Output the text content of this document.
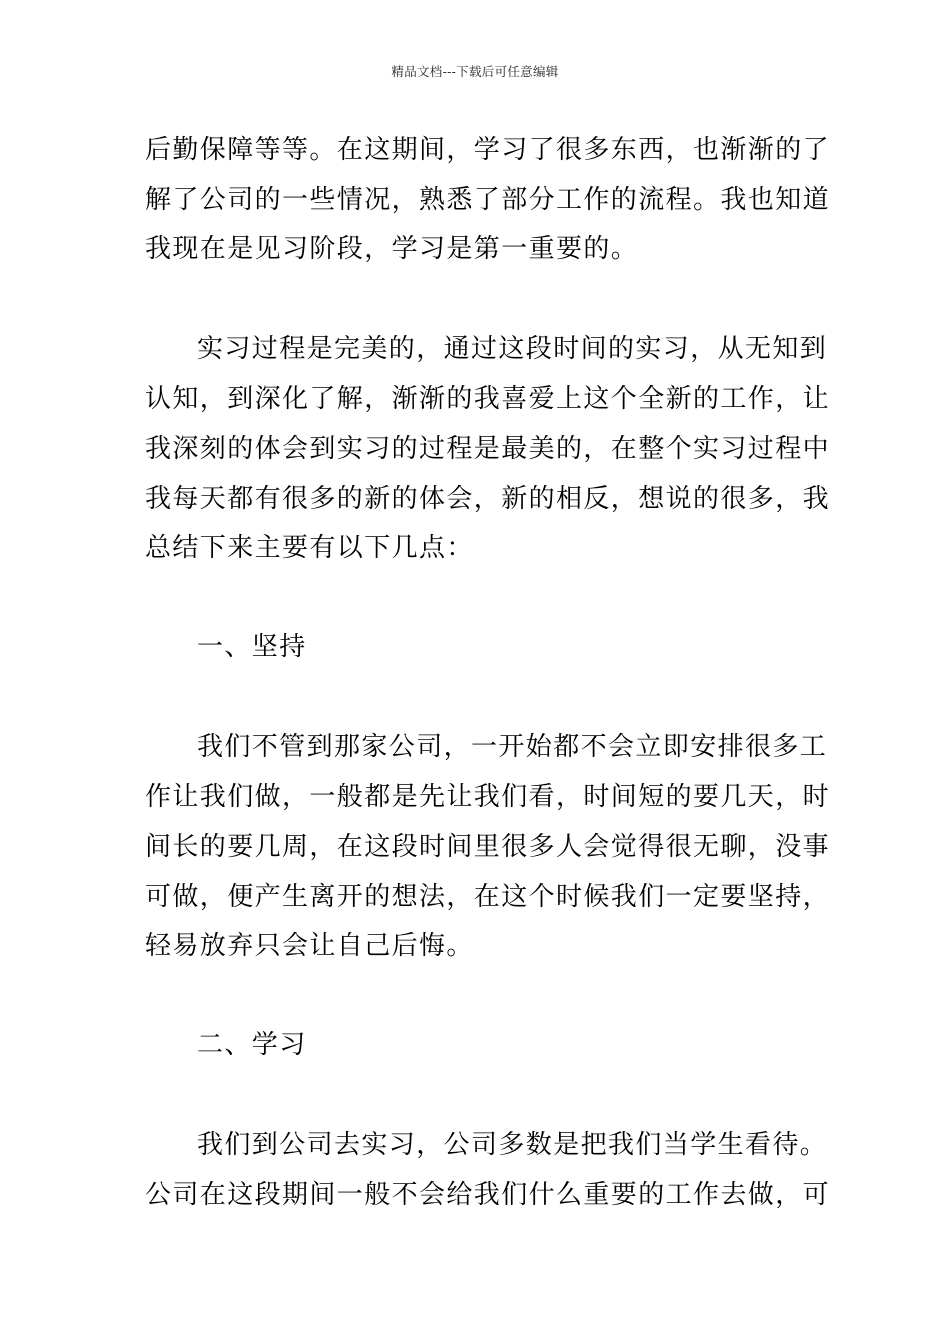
精品文档---下载后可任意编辑
后勤保障等等。在这期间，学习了很多东西，也渐渐的了
解了公司的一些情况，熟悉了部分工作的流程。我也知道
我现在是见习阶段，学习是第一重要的。
实习过程是完美的，通过这段时间的实习，从无知到
认知，到深化了解，渐渐的我喜爱上这个全新的工作，让
我深刻的体会到实习的过程是最美的，在整个实习过程中
我每天都有很多的新的体会，新的相反，想说的很多，我
总结下来主要有以下几点：
一、坚持
我们不管到那家公司，一开始都不会立即安排很多工
作让我们做，一般都是先让我们看，时间短的要几天，时
间长的要几周，在这段时间里很多人会觉得很无聊，没事
可做，便产生离开的想法，在这个时候我们一定要坚持，
轻易放弃只会让自己后悔。
二、学习
我们到公司去实习，公司多数是把我们当学生看待。
公司在这段期间一般不会给我们什么重要的工作去做，可
